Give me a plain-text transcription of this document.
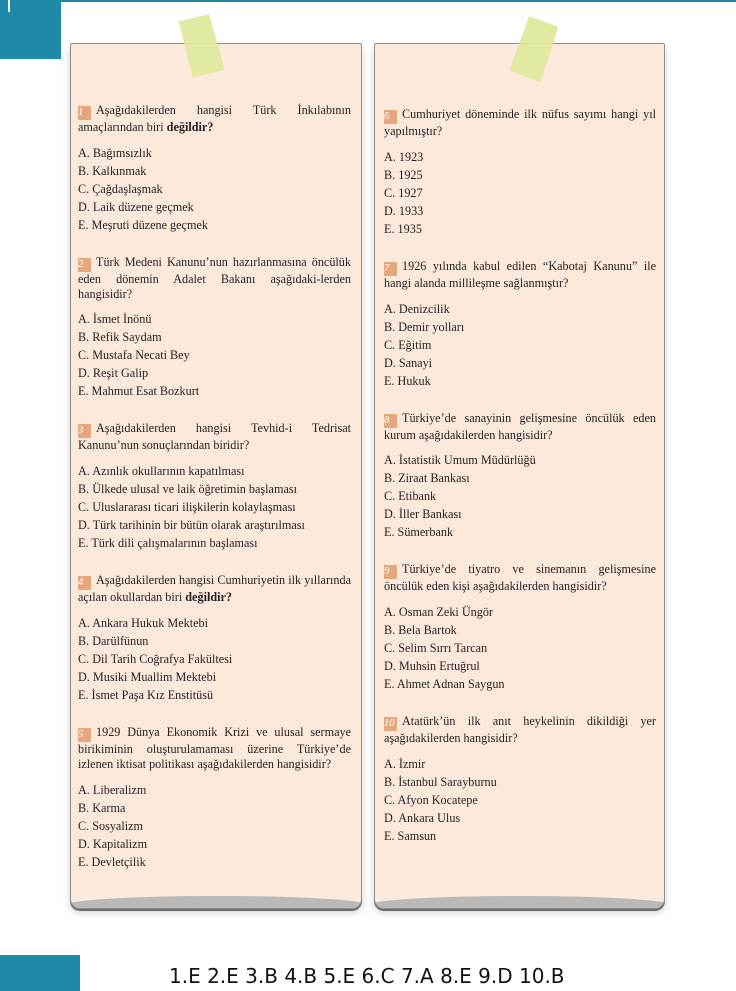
1 Aşağıdakilerden hangisi Türk İnkılabının amaçlarından biri değildir?

A. Bağımsızlık
B. Kalkınmak
C. Çağdaşlaşmak
D. Laik düzene geçmek
E. Meşruti düzene geçmek

2 Türk Medeni Kanunu’nun hazırlanmasına öncülük eden dönemin Adalet Bakanı aşağıdaki-lerden hangisidir?

A. İsmet İnönü
B. Refik Saydam
C. Mustafa Necati Bey
D. Reşit Galip
E. Mahmut Esat Bozkurt

3 Aşağıdakilerden hangisi Tevhid-i Tedrisat Kanunu’nun sonuçlarından biridir?

A. Azınlık okullarının kapatılması
B. Ülkede ulusal ve laik öğretimin başlaması
C. Uluslararası ticari ilişkilerin kolaylaşması
D. Türk tarihinin bir bütün olarak araştırılması
E. Türk dili çalışmalarının başlaması

4 Aşağıdakilerden hangisi Cumhuriyetin ilk yıllarında açılan okullardan biri değildir?

A. Ankara Hukuk Mektebi
B. Darülfünun
C. Dil Tarih Coğrafya Fakültesi
D. Musiki Muallim Mektebi
E. İsmet Paşa Kız Enstitüsü

5 1929 Dünya Ekonomik Krizi ve ulusal sermaye birikiminin oluşturulamaması üzerine Türkiye’de izlenen iktisat politikası aşağıdakilerden hangisidir?

A. Liberalizm
B. Karma
C. Sosyalizm
D. Kapitalizm
E. Devletçilik

6 Cumhuriyet döneminde ilk nüfus sayımı hangi yıl yapılmıştır?

A. 1923
B. 1925
C. 1927
D. 1933
E. 1935

7 1926 yılında kabul edilen “Kabotaj Kanunu” ile hangi alanda millileşme sağlanmıştır?

A. Denizcilik
B. Demir yolları
C. Eğitim
D. Sanayi
E. Hukuk

8 Türkiye’de sanayinin gelişmesine öncülük eden kurum aşağıdakilerden hangisidir?

A. İstatistik Umum Müdürlüğü
B. Ziraat Bankası
C. Etibank
D. İller Bankası
E. Sümerbank

9 Türkiye’de tiyatro ve sinemanın gelişmesine öncülük eden kişi aşağıdakilerden hangisidir?

A. Osman Zeki Üngör
B. Bela Bartok
C. Selim Sırrı Tarcan
D. Muhsin Ertuğrul
E. Ahmet Adnan Saygun

10 Atatürk’ün ilk anıt heykelinin dikildiği yer aşağıdakilerden hangisidir?

A. İzmir
B. İstanbul Sarayburnu
C. Afyon Kocatepe
D. Ankara Ulus
E. Samsun
1.E 2.E 3.B 4.B 5.E 6.C 7.A 8.E 9.D 10.B
